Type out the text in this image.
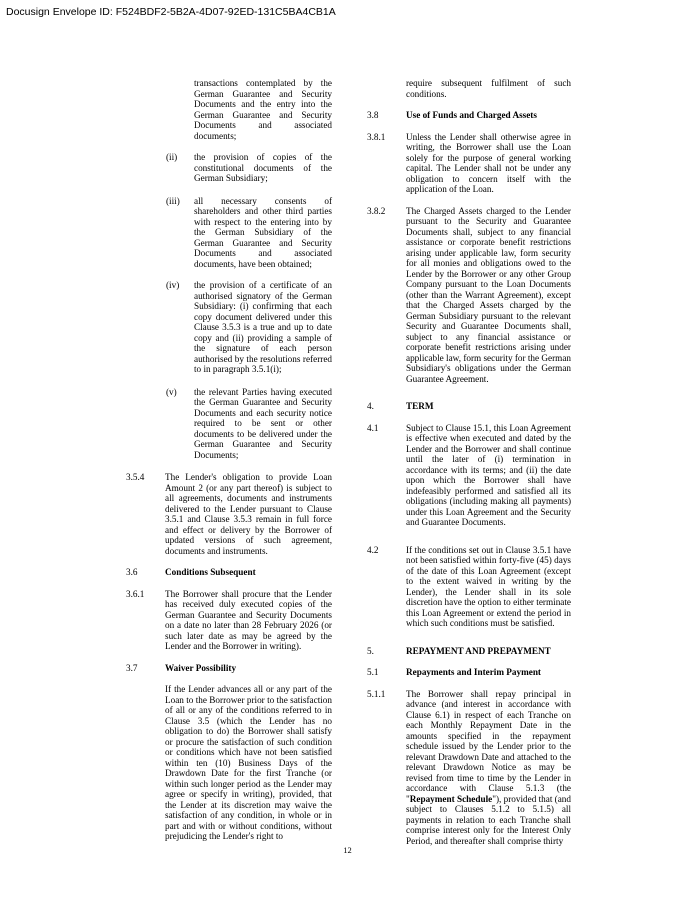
Docusign Envelope ID: F524BDF2-5B2A-4D07-92ED-131C5BA4CB1A
transactions contemplated by the German Guarantee and Security Documents and the entry into the German Guarantee and Security Documents and associated documents;
(ii) the provision of copies of the constitutional documents of the German Subsidiary;
(iii) all necessary consents of shareholders and other third parties with respect to the entering into by the German Subsidiary of the German Guarantee and Security Documents and associated documents, have been obtained;
(iv) the provision of a certificate of an authorised signatory of the German Subsidiary: (i) confirming that each copy document delivered under this Clause 3.5.3 is a true and up to date copy and (ii) providing a sample of the signature of each person authorised by the resolutions referred to in paragraph 3.5.1(i);
(v) the relevant Parties having executed the German Guarantee and Security Documents and each security notice required to be sent or other documents to be delivered under the German Guarantee and Security Documents;
3.5.4 The Lender's obligation to provide Loan Amount 2 (or any part thereof) is subject to all agreements, documents and instruments delivered to the Lender pursuant to Clause 3.5.1 and Clause 3.5.3 remain in full force and effect or delivery by the Borrower of updated versions of such agreement, documents and instruments.
3.6	Conditions Subsequent
3.6.1 The Borrower shall procure that the Lender has received duly executed copies of the German Guarantee and Security Documents on a date no later than 28 February 2026 (or such later date as may be agreed by the Lender and the Borrower in writing).
3.7	Waiver Possibility
If the Lender advances all or any part of the Loan to the Borrower prior to the satisfaction of all or any of the conditions referred to in Clause 3.5 (which the Lender has no obligation to do) the Borrower shall satisfy or procure the satisfaction of such condition or conditions which have not been satisfied within ten (10) Business Days of the Drawdown Date for the first Tranche (or within such longer period as the Lender may agree or specify in writing), provided, that the Lender at its discretion may waive the satisfaction of any condition, in whole or in part and with or without conditions, without prejudicing the Lender's right to
require subsequent fulfilment of such conditions.
3.8	Use of Funds and Charged Assets
3.8.1 Unless the Lender shall otherwise agree in writing, the Borrower shall use the Loan solely for the purpose of general working capital. The Lender shall not be under any obligation to concern itself with the application of the Loan.
3.8.2 The Charged Assets charged to the Lender pursuant to the Security and Guarantee Documents shall, subject to any financial assistance or corporate benefit restrictions arising under applicable law, form security for all monies and obligations owed to the Lender by the Borrower or any other Group Company pursuant to the Loan Documents (other than the Warrant Agreement), except that the Charged Assets charged by the German Subsidiary pursuant to the relevant Security and Guarantee Documents shall, subject to any financial assistance or corporate benefit restrictions arising under applicable law, form security for the German Subsidiary's obligations under the German Guarantee Agreement.
4.	TERM
4.1	Subject to Clause 15.1, this Loan Agreement is effective when executed and dated by the Lender and the Borrower and shall continue until the later of (i) termination in accordance with its terms; and (ii) the date upon which the Borrower shall have indefeasibly performed and satisfied all its obligations (including making all payments) under this Loan Agreement and the Security and Guarantee Documents.
4.2	If the conditions set out in Clause 3.5.1 have not been satisfied within forty-five (45) days of the date of this Loan Agreement (except to the extent waived in writing by the Lender), the Lender shall in its sole discretion have the option to either terminate this Loan Agreement or extend the period in which such conditions must be satisfied.
5.	REPAYMENT AND PREPAYMENT
5.1	Repayments and Interim Payment
5.1.1 The Borrower shall repay principal in advance (and interest in accordance with Clause 6.1) in respect of each Tranche on each Monthly Repayment Date in the amounts specified in the repayment schedule issued by the Lender prior to the relevant Drawdown Date and attached to the relevant Drawdown Notice as may be revised from time to time by the Lender in accordance with Clause 5.1.3 (the "Repayment Schedule"), provided that (and subject to Clauses 5.1.2 to 5.1.5) all payments in relation to each Tranche shall comprise interest only for the Interest Only Period, and thereafter shall comprise thirty
12
